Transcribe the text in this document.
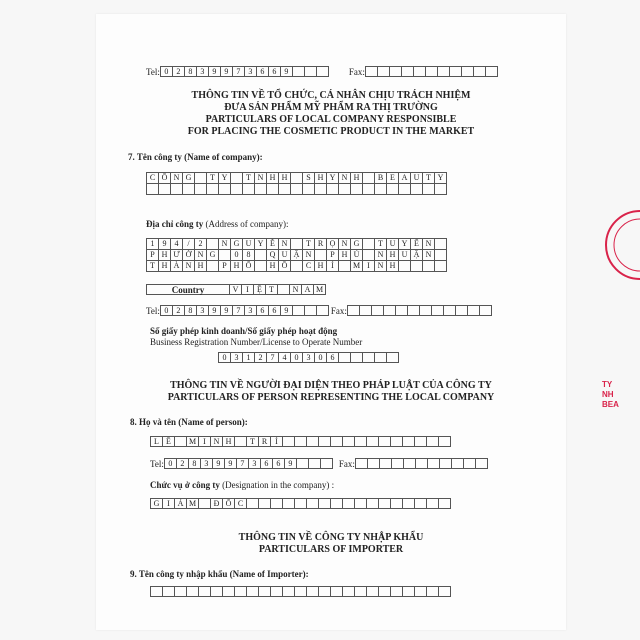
Tel: 0	2	8	3	9	9	7	3	6	6	9	Fax:
THÔNG TIN VỀ TỔ CHỨC, CÁ NHÂN CHỊU TRÁCH NHIỆM
ĐƯA SẢN PHẨM MỸ PHẨM RA THỊ TRƯỜNG
PARTICULARS OF LOCAL COMPANY RESPONSIBLE
FOR PLACING THE COSMETIC PRODUCT IN THE MARKET
7. Tên công ty (Name of company):
C Ô N G	T Y	T N H H	S H Y N H	B E A U T Y
Địa chỉ công ty (Address of company):
1	9	4	/	2	N G U Y Ễ N	T R Ọ N G	T U Y Ể N
P H Ư Ờ N G	0	8	Q U Ậ N	P H Ú	N H U Ậ N
T H À N H	P H Ố	H Ồ	C H Í	M I N H
Country	V I	Ệ T	N A M
Tel: 0	2	8	3	9	9	7	3	6	6	9	Fax:
Số giấy phép kinh doanh/Số giấy phép hoạt động
Business Registration Number/License to Operate Number
0	3	1	2	7	4	0	3	0	6
THÔNG TIN VỀ NGƯỜI ĐẠI DIỆN THEO PHÁP LUẬT CỦA CÔNG TY
PARTICULARS OF PERSON REPRESENTING THE LOCAL COMPANY
8. Họ và tên (Name of person):
L Ê	M I N H	T R Í
Tel: 0	2	8	3	9	9	7	3	6	6	9	Fax:
Chức vụ ở công ty (Designation in the company) :
G I Á M	Đ Ố C
THÔNG TIN VỀ CÔNG TY NHẬP KHẨU
PARTICULARS OF IMPORTER
9. Tên công ty nhập khẩu (Name of Importer):
TY
NH
BEA
